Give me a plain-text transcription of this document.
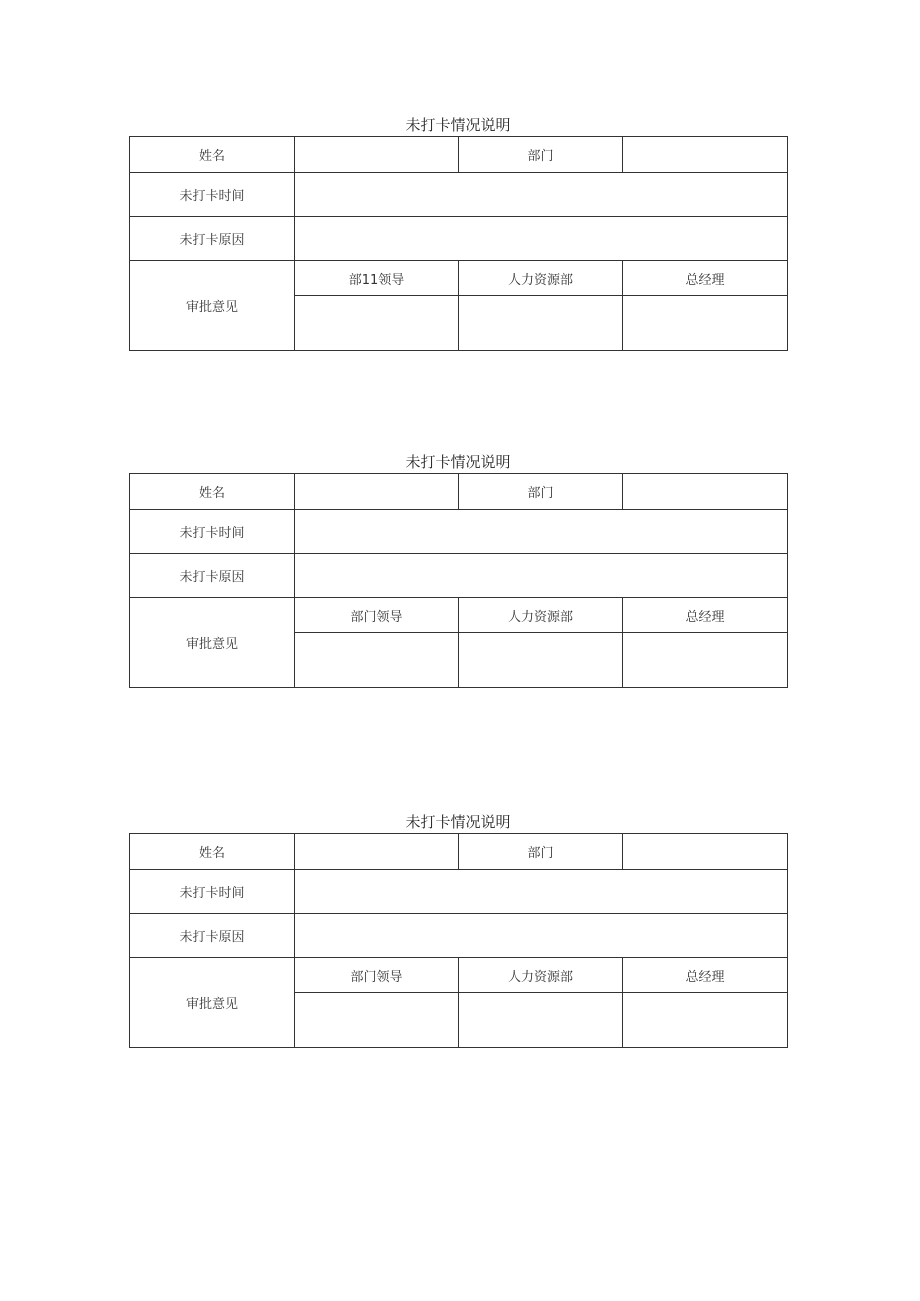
未打卡情况说明
姓名		部门	
未打卡时间			
未打卡原因			
审批意见	部11领导	人力资源部	总经理

未打卡情况说明
姓名		部门	
未打卡时间			
未打卡原因			
审批意见	部门领导	人力资源部	总经理

未打卡情况说明
姓名		部门	
未打卡时间			
未打卡原因			
审批意见	部门领导	人力资源部	总经理
